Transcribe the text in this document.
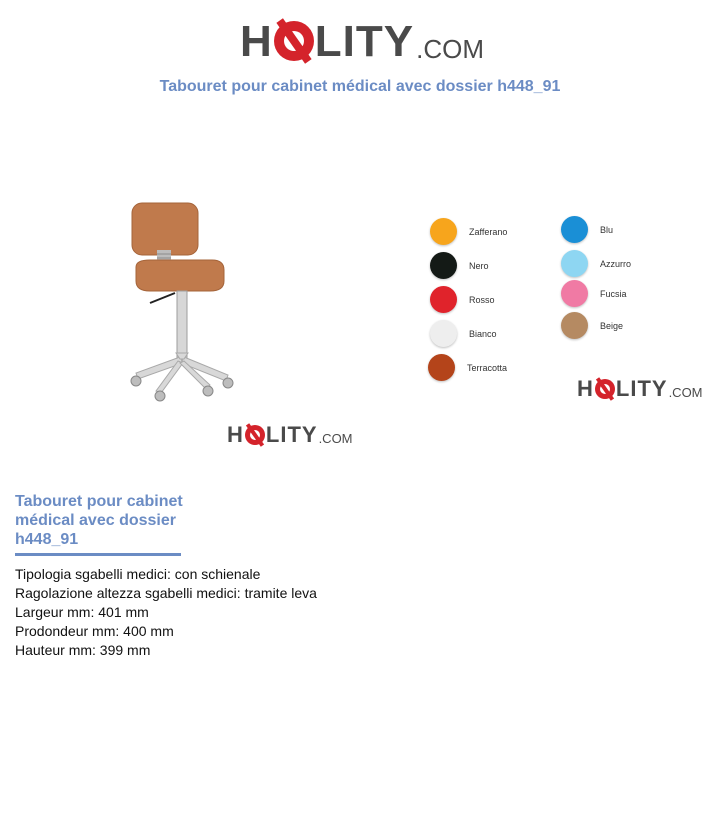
H LITY .COM
Tabouret pour cabinet médical avec dossier h448_91
H LITY .COM
Zafferano
Nero
Rosso
Bianco
Terracotta
Blu
Azzurro
Fucsia
Beige
H LITY .COM
Tabouret pour cabinet médical avec dossier h448_91
Tipologia sgabelli medici: con schienale
Ragolazione altezza sgabelli medici: tramite leva
Largeur mm: 401 mm
Prodondeur mm: 400 mm
Hauteur mm: 399 mm
